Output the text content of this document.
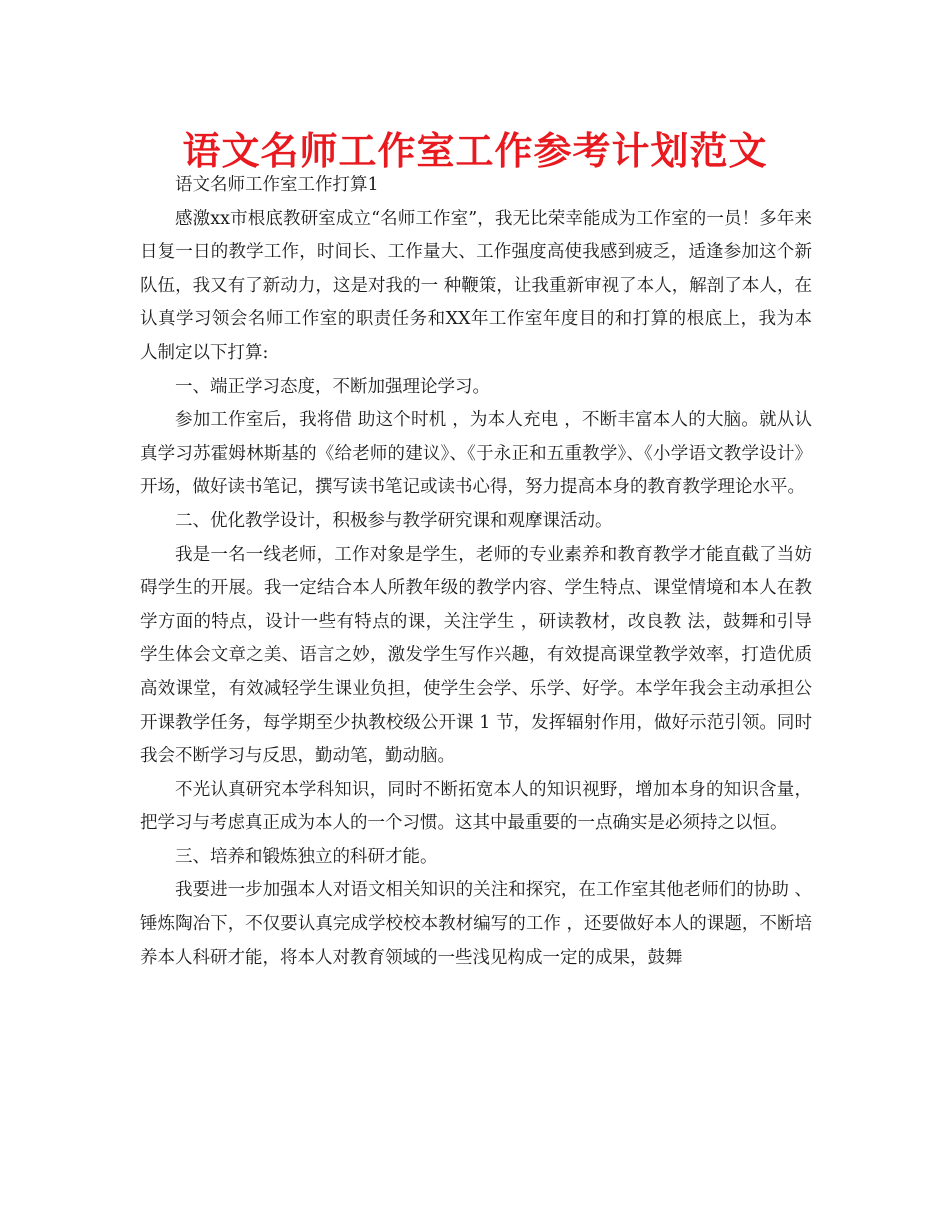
语文名师工作室工作参考计划范文

语文名师工作室工作打算1

感激xx市根底教研室成立“名师工作室”，我无比荣幸能成为工作室的一员！多年来日复一日的教学工作，时间长、工作量大、工作强度高使我感到疲乏，适逢参加这个新队伍，我又有了新动力，这是对我的一 种鞭策，让我重新审视了本人，解剖了本人，在认真学习领会名师工作室的职责任务和XX年工作室年度目的和打算的根底上，我为本人制定以下打算:

一、端正学习态度，不断加强理论学习。

参加工作室后，我将借 助这个时机 ，为本人充电 ，不断丰富本人的大脑。就从认真学习苏霍姆林斯基的《给老师的建议》、《于永正和五重教学》、《小学语文教学设计》开场，做好读书笔记，撰写读书笔记或读书心得，努力提高本身的教育教学理论水平。

二、优化教学设计，积极参与教学研究课和观摩课活动。

我是一名一线老师，工作对象是学生，老师的专业素养和教育教学才能直截了当妨碍学生的开展。我一定结合本人所教年级的教学内容、学生特点、课堂情境和本人在教学方面的特点，设计一些有特点的课，关注学生 ，研读教材，改良教 法，鼓舞和引导学生体会文章之美、语言之妙，激发学生写作兴趣，有效提高课堂教学效率，打造优质高效课堂，有效减轻学生课业负担，使学生会学、乐学、好学。本学年我会主动承担公开课教学任务，每学期至少执教校级公开课 1 节，发挥辐射作用，做好示范引领。同时我会不断学习与反思，勤动笔，勤动脑。

不光认真研究本学科知识，同时不断拓宽本人的知识视野，增加本身的知识含量，把学习与考虑真正成为本人的一个习惯。这其中最重要的一点确实是必须持之以恒。

三、培养和锻炼独立的科研才能。

我要进一步加强本人对语文相关知识的关注和探究，在工作室其他老师们的协助 、锤炼陶冶下，不仅要认真完成学校校本教材编写的工作 ，还要做好本人的课题，不断培养本人科研才能，将本人对教育领域的一些浅见构成一定的成果，鼓舞
